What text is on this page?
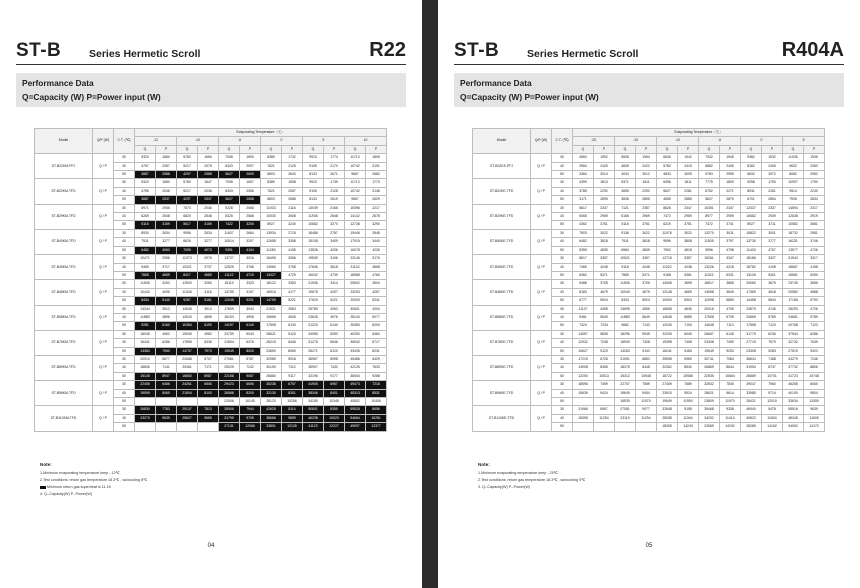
ST-B	Series Hermetic Scroll	R22
Performance Data
Q=Capacity (W) P=Power input (W)
Model	Q/P (W)	C.T. (℃)	Evaporating Temperature（℃）											
			-12		-10		-5		0		5		10	
			Q	P	Q	P	Q	P	Q	P	Q	P	Q	P
ST-B22KM-PFJ	Q / P	30	5320	1680	5780	1680	7008	1690	8389	1732	9923	1774	11713	1805
		40	4757	2087	5217	2076	6343	2097	7621	2129	9105	2170	10742	2191
		50	3887	2588	4297	2588	5627	2609	6803	2640	8133	2671	9667	2682
ST-B22KM-TFD	Q / P	30	5320	1680	5780	1647	7008	1657	8389	1698	9923	1739	11713	1770
		40	4785	2046	5217	2036	6343	2056	7621	2087	9105	2128	10742	2148
		50	3887	2537	4297	2537	5627	2558	6803	2588	8133	2619	9667	2629
ST-B29KM-TFD	Q / P	30	6971	2056	7573	2046	9228	2066	11033	2116	13039	2166	15396	2217
		40	6269	2548	6820	2548	8325	2568	10030	2608	11936	2648	14142	2678
		50	5115	3159	5617	3169	7422	3200	8927	3240	10682	3270	12738	3290
ST-B40KM-TFD	Q / P	30	8930	2634	9596	2634	11637	2664	13934	2715	16486	2787	19446	2848
		40	7911	3277	8626	3277	10514	3297	12658	3358	15108	3409	17915	3440
		50	6482	4063	7095	4073	9391	4104	11280	4155	13526	4206	16078	4226
ST-B45KM-TFD	Q / P	30	10471	2956	11373	2976	13727	3016	16455	3056	19539	3106	23146	3176
		40	9469	3717	10321	3737	12525	3768	14980	3798	17836	3818	21142	3858
		50	7665	4659	8417	4689	11122	4719	13427	4729	16032	4739	18988	4760
ST-B48KM-TFD	Q / P	30	11546	3263	12500	3283	15110	3323	18122	3363	21536	3414	25502	3504
		40	10442	4096	11345	4116	13755	4157	16516	4177	19678	4207	23293	4257
		50	8434	5140	9287	5161	12048	5201	14759	5221	17620	5221	20933	5241
ST-B58KM-TFD	Q / P	30	13344	3913	14548	3913	17809	3943	21521	3983	25785	4063	30601	4204
		40	11889	4896	13043	4896	16153	4906	19665	4926	23628	4976	28143	5077
		50	9281	6160	10384	6190	14197	6140	17508	6130	21220	6140	25383	6200
ST-B76KM-TFD	Q / P	30	18045	4962	19549	4982	23759	5043	28621	5123	34085	5253	40250	5484
		40	16441	6286	17895	6336	21804	6376	26215	6446	31278	6546	36942	6717
		50	13383	7950	14737	7970	19549	8020	23659	8060	28271	8120	33435	8231
ST-B89KM-TFD	Q / P	30	20913	5677	22668	5707	27581	5787	32989	5918	38967	6098	45486	6429
		40	18806	7141	20461	7171	25025	7242	30190	7312	35907	7432	42126	7633
		50	15145	8947	16650	8987	22158	9067	26880	9117	32196	9177	38064	9288
ST-B96KM-TFD	Q / P	30	22406	6466	24261	6506	29423	6606	35238	6757	41905	6957	49473	7218
		40	19599	8060	21504	8100	26566	8200	32130	8301	38346	8401	45313	8531
		50					22506	10145	28120	10256	34185	10346	40802	10406
ST-B110KM-TFD	Q / P	30	26830	7783	29137	7813	35506	7944	42628	8114	50601	8355	59528	8656
		40	23270	9639	25627	9659	31795	9739	38666	9859	46238	10020	54664	10251
		50					27131	12066	33801	12126	41123	12227	49097	12377
Note:
1.Minimum evaporating temperature keep - 12℃
2.Test conditions: return gas temperature 18.3℃ , subcooling 8℃
Minimum return gas superheat is 11.1K
4. Q--Capacity(W) P--Power(W)
04
ST-B	Series Hermetic Scroll	R404A
Performance Data
Q=Capacity (W) P=Power input (W)
Model	Q/P (W)	C.T. (℃)	Evaporating Temperature（℃）											
			-20		-15		-10		-5		0		5	
			Q	P	Q	P	Q	P	Q	P	Q	P	Q	P
ST-B22KE-PFJ	Q / P	30	4584	1952	5535	1954	6635	1942	7932	1945	9382	1932	11035	1935
		40	3984	2425	4835	2422	5782	2415	6882	2405	8182	2405	9632	2383
		50	3384	3014	4034	3012	4833	3005	5784	2995	6832	2972	8082	2952
ST-B22KE-TFD	Q / P	30	4399	1813	5371	1811	6496	1811	7775	1800	9258	1790	10997	1790
		40	3785	2292	4655	2292	5627	2281	6752	2271	8031	2261	9514	2240
		50	3171	2895	3836	2895	4655	2885	5627	2875	6701	2854	7928	2834
ST-B29KE-TFD	Q / P	30	5817	2347	7121	2357	8626	2347	10351	2347	12337	2337	14594	2317
		40	5065	2969	6168	2969	7472	2969	8977	2959	10682	2939	12638	2919
		50	4362	3761	5115	3761	6219	3751	7472	3741	8927	3711	10582	3681
ST-B40KE-TFD	Q / P	30	7503	3022	9136	3022	11076	3022	13270	3011	15822	3001	18732	2981
		40	6482	3818	7911	3818	9596	3808	11535	3797	13730	3777	16231	3746
		50	5359	4839	6584	4839	7962	4818	9596	4798	11433	4767	13577	4726
ST-B45KE-TFD	Q / P	30	8617	3357	10521	3357	12715	3357	15261	3347	18186	3327	21543	3317
		40	7465	4248	9118	4248	11022	4238	13226	4218	15782	4198	18687	4158
		50	6362	5371	7565	5371	9168	5361	11022	5331	13126	5301	15581	5250
ST-B48KE-TFD	Q / P	30	9488	3705	11506	3705	14006	3695	16817	3685	20080	3675	23745	3655
		40	8183	4679	10040	4679	12148	4669	14558	4649	17369	4618	20582	4588
		50	6777	5924	8333	5924	10090	5904	12098	5883	14458	5843	17168	5793
ST-B58KE-TFD	Q / P	30	11137	4495	13695	4555	16655	4635	20016	4705	23879	4746	28293	4726
		40	9481	5649	11889	5649	14548	5689	17508	5739	20869	5789	24681	5789
		50	7424	7234	9682	7143	12040	7103	14648	7113	17558	7123	20768	7123
ST-B76KE-TFD	Q / P	30	14557	5835	18296	5945	22205	6045	26667	6145	31779	6236	37544	6286
		40	12932	7248	15940	7328	19398	7408	23308	7490	27719	7579	32732	7639
		50	10627	9123	13283	9143	16241	9183	19549	9253	23308	9283	27519	9323
ST-B89KE-TFD	Q / P	30	17219	6726	21091	6853	25598	6969	30741	7084	36634	7188	43279	7246
		40	14908	8355	18375	8448	22362	8540	26869	8644	31954	8737	37732	8806
		50	12250	10513	15312	10548	18722	10586	22535	10664	26869	10701	31723	10748
ST-B96KE-TFD	Q / P	30	18596	7459	22757	7559	27469	7689	32832	7830	39047	7960	46265	8060
		40	15639	9424	19649	9454	23910	9524	28621	9614	33985	9714	40100	9804
		50			15539	11970	19549	11950	23809	11970	28421	12010	33634	12050
ST-B110KE-TFD	Q / P	30	21966	8967	27081	9077	32848	9198	39468	9338	46940	9478	55516	9639
		40	18355	11254	23119	11294	28335	11344	34202	11414	40822	11504	48345	11605
		50					18305	14243	23069	14192	28285	14162	34052	14172
Note:
1.Minimum evaporating temperature keep - 25℃
2.Test conditions: return gas temperature 18.3℃ , subcooling 0℃
3. Q--Capacity(W) P--Power(W)
05
